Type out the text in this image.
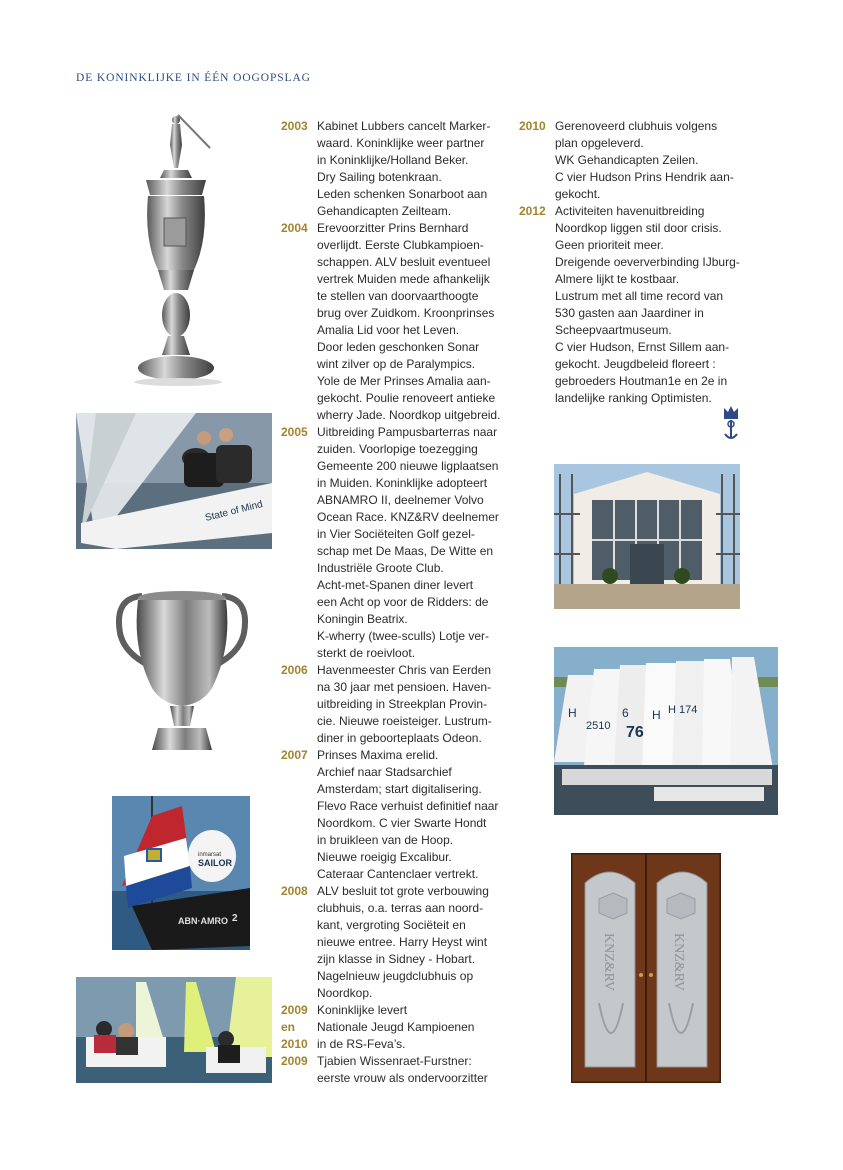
DE KONINKLIJKE IN ÉÉN OOGOPSLAG
2003 Kabinet Lubbers cancelt Marker-
waard. Koninklijke weer partner
in Koninklijke/Holland Beker.
Dry Sailing botenkraan.
Leden schenken Sonarboot aan
Gehandicapten Zeilteam.
2004 Erevoorzitter Prins Bernhard
overlijdt. Eerste Clubkampioen-
schappen. ALV besluit eventueel
vertrek Muiden mede afhankelijk
te stellen van doorvaarthoogte
brug over Zuidkom. Kroonprinses
Amalia Lid voor het Leven.
Door leden geschonken Sonar
wint zilver op de Paralympics.
Yole de Mer Prinses Amalia aan-
gekocht. Poulie renoveert antieke
wherry Jade. Noordkop uitgebreid.
2005 Uitbreiding Pampusbarterras naar
zuiden. Voorlopige toezegging
Gemeente 200 nieuwe ligplaatsen
in Muiden. Koninklijke adopteert
ABNAMRO II, deelnemer Volvo
Ocean Race. KNZ&RV deelnemer
in Vier Sociëteiten Golf gezel-
schap met De Maas, De Witte en
Industriële Groote Club.
Acht-met-Spanen diner levert
een Acht op voor de Ridders: de
Koningin Beatrix.
K-wherry (twee-sculls) Lotje ver-
sterkt de roeivloot.
2006 Havenmeester Chris van Eerden
na 30 jaar met pensioen. Haven-
uitbreiding in Streekplan Provin-
cie. Nieuwe roeisteiger. Lustrum-
diner in geboorteplaats Odeon.
2007 Prinses Maxima erelid.
Archief naar Stadsarchief
Amsterdam; start digitalisering.
Flevo Race verhuist definitief naar
Noordkom. C vier Swarte Hondt
in bruikleen van de Hoop.
Nieuwe roeigig Excalibur.
Cateraar Cantenclaer vertrekt.
2008 ALV besluit tot grote verbouwing
clubhuis, o.a. terras aan noord-
kant, vergroting Sociëteit en
nieuwe entree. Harry Heyst wint
zijn klasse in Sidney - Hobart.
Nagelnieuw jeugdclubhuis op
Noordkop.
2009 Koninklijke levert
en	Nationale Jeugd Kampioenen
2010 in de RS-Feva’s.
2009 Tjabien Wissenraet-Furstner:
eerste vrouw als ondervoorzitter
2010 Gerenoveerd clubhuis volgens
plan opgeleverd.
WK Gehandicapten Zeilen.
C vier Hudson Prins Hendrik aan-
gekocht.
2012 Activiteiten havenuitbreiding
Noordkop liggen stil door crisis.
Geen prioriteit meer.
Dreigende oeververbinding IJburg-
Almere lijkt te kostbaar.
Lustrum met all time record van
530 gasten aan Jaardiner in
Scheepvaartmuseum.
C vier Hudson, Ernst Sillem aan-
gekocht. Jeugdbeleid floreert :
gebroeders Houtman1e en 2e in
landelijke ranking Optimisten.
State of Mind
inmarsat
SAILOR
ABN·AMRO 2
H
2510
6 H H 174
76
KNZ&RV	KNZ&RV
